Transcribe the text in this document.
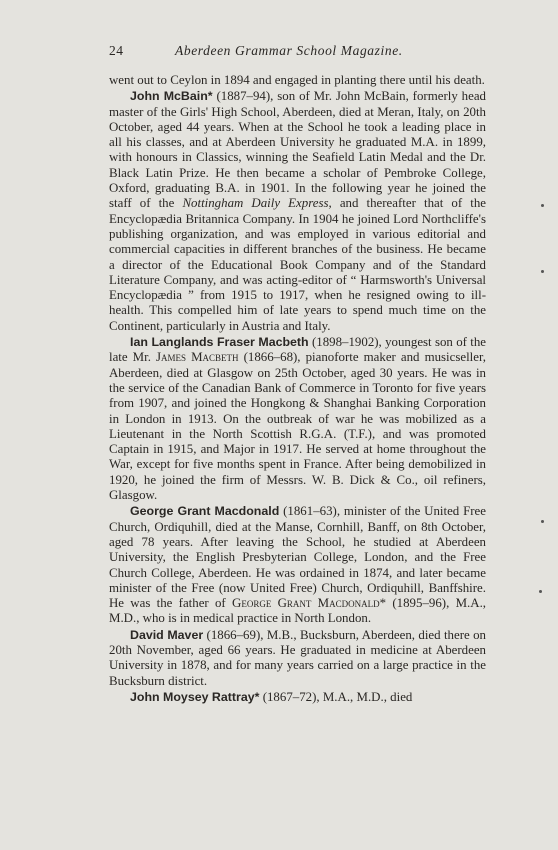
24	Aberdeen Grammar School Magazine.

went out to Ceylon in 1894 and engaged in planting there until his death.

John McBain* (1887–94), son of Mr. John McBain, formerly head master of the Girls' High School, Aberdeen, died at Meran, Italy, on 20th October, aged 44 years. When at the School he took a leading place in all his classes, and at Aberdeen University he graduated M.A. in 1899, with honours in Classics, winning the Seafield Latin Medal and the Dr. Black Latin Prize. He then became a scholar of Pembroke College, Oxford, graduating B.A. in 1901. In the following year he joined the staff of the Nottingham Daily Express, and thereafter that of the Encyclopædia Britannica Company. In 1904 he joined Lord Northcliffe's publishing organization, and was employed in various editorial and commercial capacities in different branches of the business. He became a director of the Educational Book Company and of the Standard Literature Company, and was acting-editor of “ Harmsworth's Universal Encyclopædia ” from 1915 to 1917, when he resigned owing to ill-health. This compelled him of late years to spend much time on the Continent, particularly in Austria and Italy.

Ian Langlands Fraser Macbeth (1898–1902), youngest son of the late Mr. James Macbeth (1866–68), pianoforte maker and musicseller, Aberdeen, died at Glasgow on 25th October, aged 30 years. He was in the service of the Canadian Bank of Commerce in Toronto for five years from 1907, and joined the Hongkong & Shanghai Banking Corporation in London in 1913. On the outbreak of war he was mobilized as a Lieutenant in the North Scottish R.G.A. (T.F.), and was promoted Captain in 1915, and Major in 1917. He served at home throughout the War, except for five months spent in France. After being demobilized in 1920, he joined the firm of Messrs. W. B. Dick & Co., oil refiners, Glasgow.

George Grant Macdonald (1861–63), minister of the United Free Church, Ordiquhill, died at the Manse, Cornhill, Banff, on 8th October, aged 78 years. After leaving the School, he studied at Aberdeen University, the English Presbyterian College, London, and the Free Church College, Aberdeen. He was ordained in 1874, and later became minister of the Free (now United Free) Church, Ordiquhill, Banffshire. He was the father of George Grant Macdonald* (1895–96), M.A., M.D., who is in medical practice in North London.

David Maver (1866–69), M.B., Bucksburn, Aberdeen, died there on 20th November, aged 66 years. He graduated in medicine at Aberdeen University in 1878, and for many years carried on a large practice in the Bucksburn district.

John Moysey Rattray* (1867–72), M.A., M.D., died
